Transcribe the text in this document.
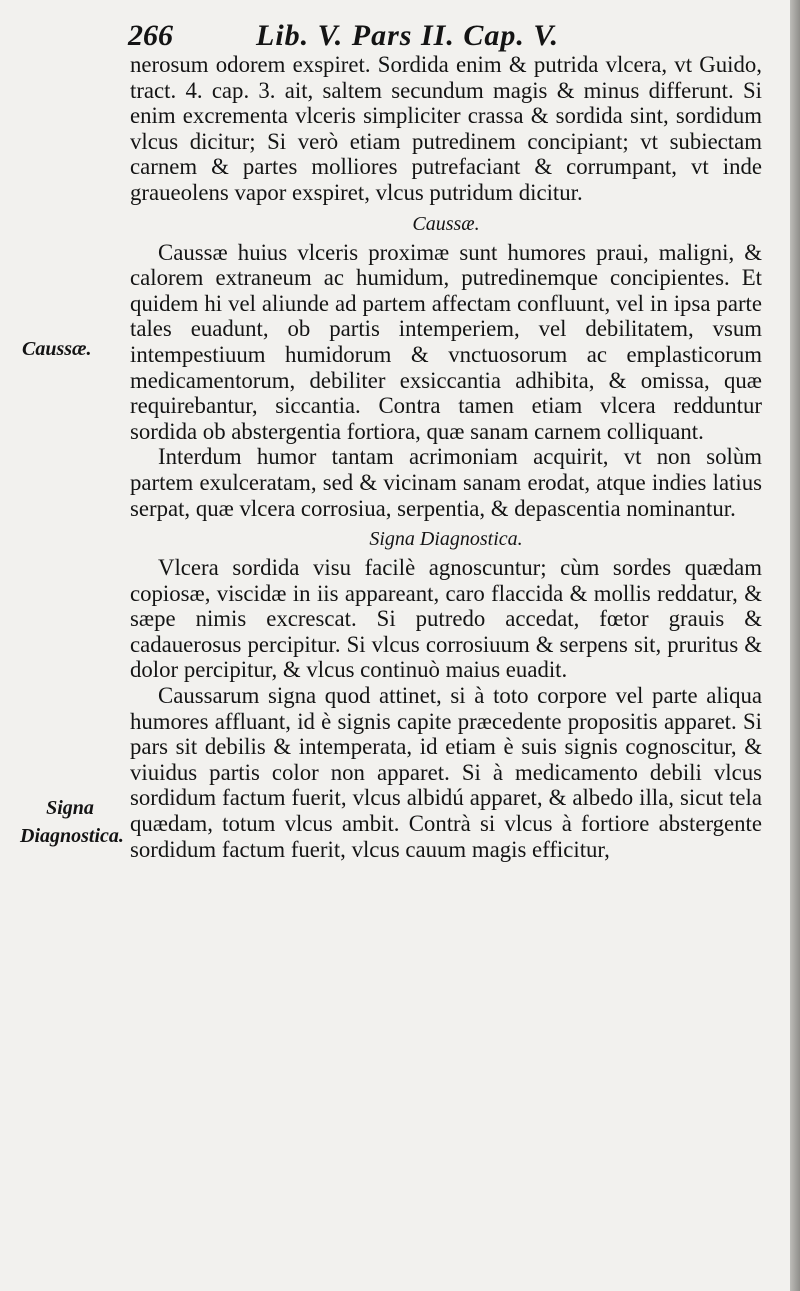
266	Lib. V. Pars II. Cap. V.
Caussæ.
Signa Diagnostica.

nerosum odorem exspiret. Sordida enim & putrida vlcera, vt Guido, tract. 4. cap. 3. ait, saltem secundum magis & minus differunt. Si enim excrementa vlceris simpliciter crassa & sordida sint, sordidum vlcus dicitur; Si verò etiam putredinem concipiant; vt subiectam carnem & partes molliores putrefaciant & corrumpant, vt inde graueolens vapor exspiret, vlcus putridum dicitur.

Caussæ.

Caussæ huius vlceris proximæ sunt humores praui, maligni, & calorem extraneum ac humidum, putredinemque concipientes. Et quidem hi vel aliunde ad partem affectam confluunt, vel in ipsa parte tales euadunt, ob partis intemperiem, vel debilitatem, vsum intempestiuum humidorum & vnctuosorum ac emplasticorum medicamentorum, debiliter exsiccantia adhibita, & omissa, quæ requirebantur, siccantia. Contra tamen etiam vlcera redduntur sordida ob abstergentia fortiora, quæ sanam carnem colliquant.

Interdum humor tantam acrimoniam acquirit, vt non solùm partem exulceratam, sed & vicinam sanam erodat, atque indies latius serpat, quæ vlcera corrosiua, serpentia, & depascentia nominantur.

Signa Diagnostica.

Vlcera sordida visu facilè agnoscuntur; cùm sordes quædam copiosæ, viscidæ in iis appareant, caro flaccida & mollis reddatur, & sæpe nimis excrescat. Si putredo accedat, fœtor grauis & cadauerosus percipitur. Si vlcus corrosiuum & serpens sit, pruritus & dolor percipitur, & vlcus continuò maius euadit.

Caussarum signa quod attinet, si à toto corpore vel parte aliqua humores affluant, id è signis capite præcedente propositis apparet. Si pars sit debilis & intemperata, id etiam è suis signis cognoscitur, & viuidus partis color non apparet. Si à medicamento debili vlcus sordidum factum fuerit, vlcus albidú apparet, & albedo illa, sicut tela quædam, totum vlcus ambit. Contrà si vlcus à fortiore abstergente sordidum factum fuerit, vlcus cauum magis efficitur,
